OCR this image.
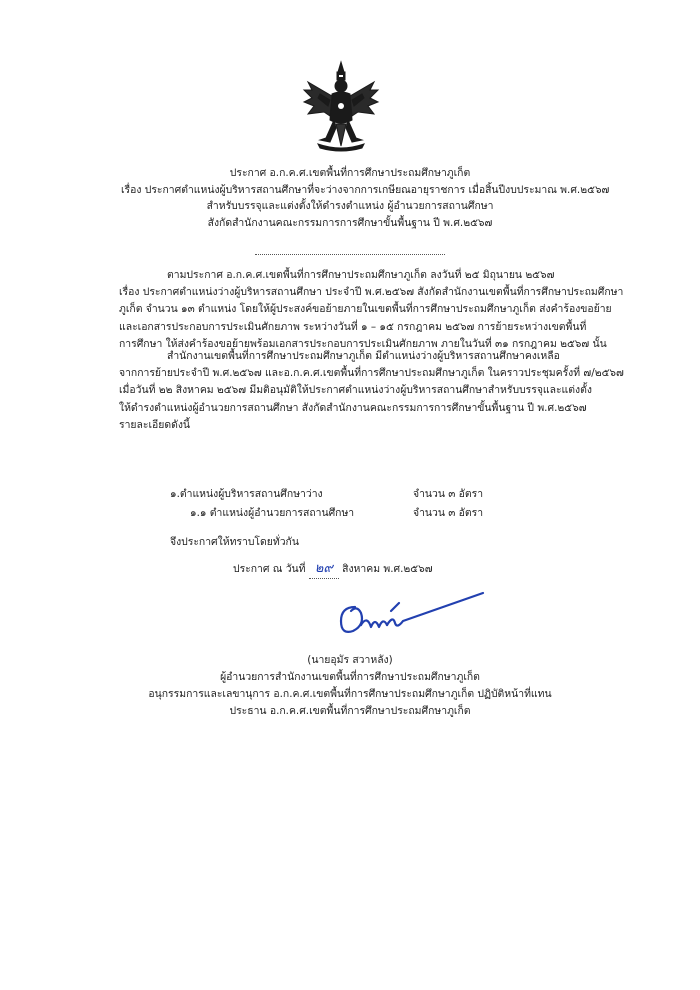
ประกาศ อ.ก.ค.ศ.เขตพื้นที่การศึกษาประถมศึกษาภูเก็ต
เรื่อง ประกาศตำแหน่งผู้บริหารสถานศึกษาที่จะว่างจากการเกษียณอายุราชการ เมื่อสิ้นปีงบประมาณ พ.ศ.๒๕๖๗
สำหรับบรรจุและแต่งตั้งให้ดำรงตำแหน่ง ผู้อำนวยการสถานศึกษา
สังกัดสำนักงานคณะกรรมการการศึกษาขั้นพื้นฐาน ปี พ.ศ.๒๕๖๗
ตามประกาศ อ.ก.ค.ศ.เขตพื้นที่การศึกษาประถมศึกษาภูเก็ต ลงวันที่ ๒๕ มิถุนายน ๒๕๖๗
เรื่อง ประกาศตำแหน่งว่างผู้บริหารสถานศึกษา ประจำปี พ.ศ.๒๕๖๗ สังกัดสำนักงานเขตพื้นที่การศึกษาประถมศึกษา
ภูเก็ต จำนวน ๑๓ ตำแหน่ง โดยให้ผู้ประสงค์ขอย้ายภายในเขตพื้นที่การศึกษาประถมศึกษาภูเก็ต ส่งคำร้องขอย้าย
และเอกสารประกอบการประเมินศักยภาพ ระหว่างวันที่ ๑ – ๑๕ กรกฎาคม ๒๕๖๗ การย้ายระหว่างเขตพื้นที่
การศึกษา ให้ส่งคำร้องขอย้ายพร้อมเอกสารประกอบการประเมินศักยภาพ ภายในวันที่ ๓๑ กรกฎาคม ๒๕๖๗ นั้น
สำนักงานเขตพื้นที่การศึกษาประถมศึกษาภูเก็ต มีตำแหน่งว่างผู้บริหารสถานศึกษาคงเหลือ
จากการย้ายประจำปี พ.ศ.๒๕๖๗ และอ.ก.ค.ศ.เขตพื้นที่การศึกษาประถมศึกษาภูเก็ต ในคราวประชุมครั้งที่ ๗/๒๕๖๗
เมื่อวันที่ ๒๒ สิงหาคม ๒๕๖๗ มีมติอนุมัติให้ประกาศตำแหน่งว่างผู้บริหารสถานศึกษาสำหรับบรรจุและแต่งตั้ง
ให้ดำรงตำแหน่งผู้อำนวยการสถานศึกษา สังกัดสำนักงานคณะกรรมการการศึกษาขั้นพื้นฐาน ปี พ.ศ.๒๕๖๗
รายละเอียดดังนี้
๑.ตำแหน่งผู้บริหารสถานศึกษาว่าง	จำนวน ๓ อัตรา
๑.๑ ตำแหน่งผู้อำนวยการสถานศึกษา	จำนวน ๓ อัตรา
จึงประกาศให้ทราบโดยทั่วกัน
ประกาศ ณ วันที่ ๒๙ สิงหาคม พ.ศ.๒๕๖๗
(นายอุมัร สวาหลัง)
ผู้อำนวยการสำนักงานเขตพื้นที่การศึกษาประถมศึกษาภูเก็ต
อนุกรรมการและเลขานุการ อ.ก.ค.ศ.เขตพื้นที่การศึกษาประถมศึกษาภูเก็ต ปฏิบัติหน้าที่แทน
ประธาน อ.ก.ค.ศ.เขตพื้นที่การศึกษาประถมศึกษาภูเก็ต
